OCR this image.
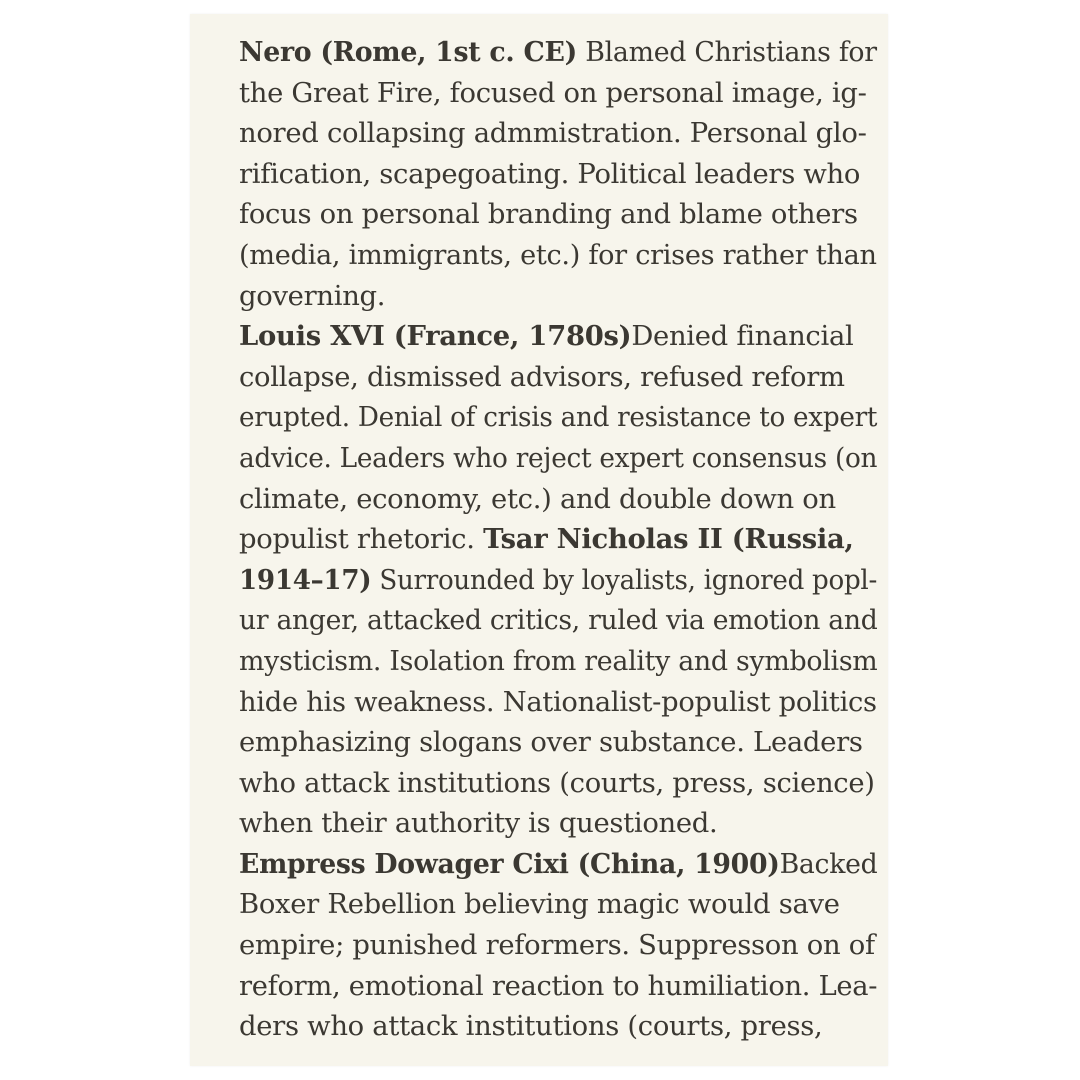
Nero (Rome, 1st c. CE) Blamed Christians for
the Great Fire, focused on personal image, ig-
nored collapsing admmistration. Personal glo-
rification, scapegoating. Political leaders who
focus on personal branding and blame others
(media, immigrants, etc.) for crises rather than
governing.
Louis XVI (France, 1780s)Denied financial
collapse, dismissed advisors, refused reform
erupted. Denial of crisis and resistance to expert
advice. Leaders who reject expert consensus (on
climate, economy, etc.) and double down on
populist rhetoric. Tsar Nicholas II (Russia,
1914–17) Surrounded by loyalists, ignored popl-
ur anger, attacked critics, ruled via emotion and
mysticism. Isolation from reality and symbolism
hide his weakness. Nationalist-populist politics
emphasizing slogans over substance. Leaders
who attack institutions (courts, press, science)
when their authority is questioned.
Empress Dowager Cixi (China, 1900)Backed
Boxer Rebellion believing magic would save
empire; punished reformers. Suppresson on of
reform, emotional reaction to humiliation. Lea-
ders who attack institutions (courts, press,
